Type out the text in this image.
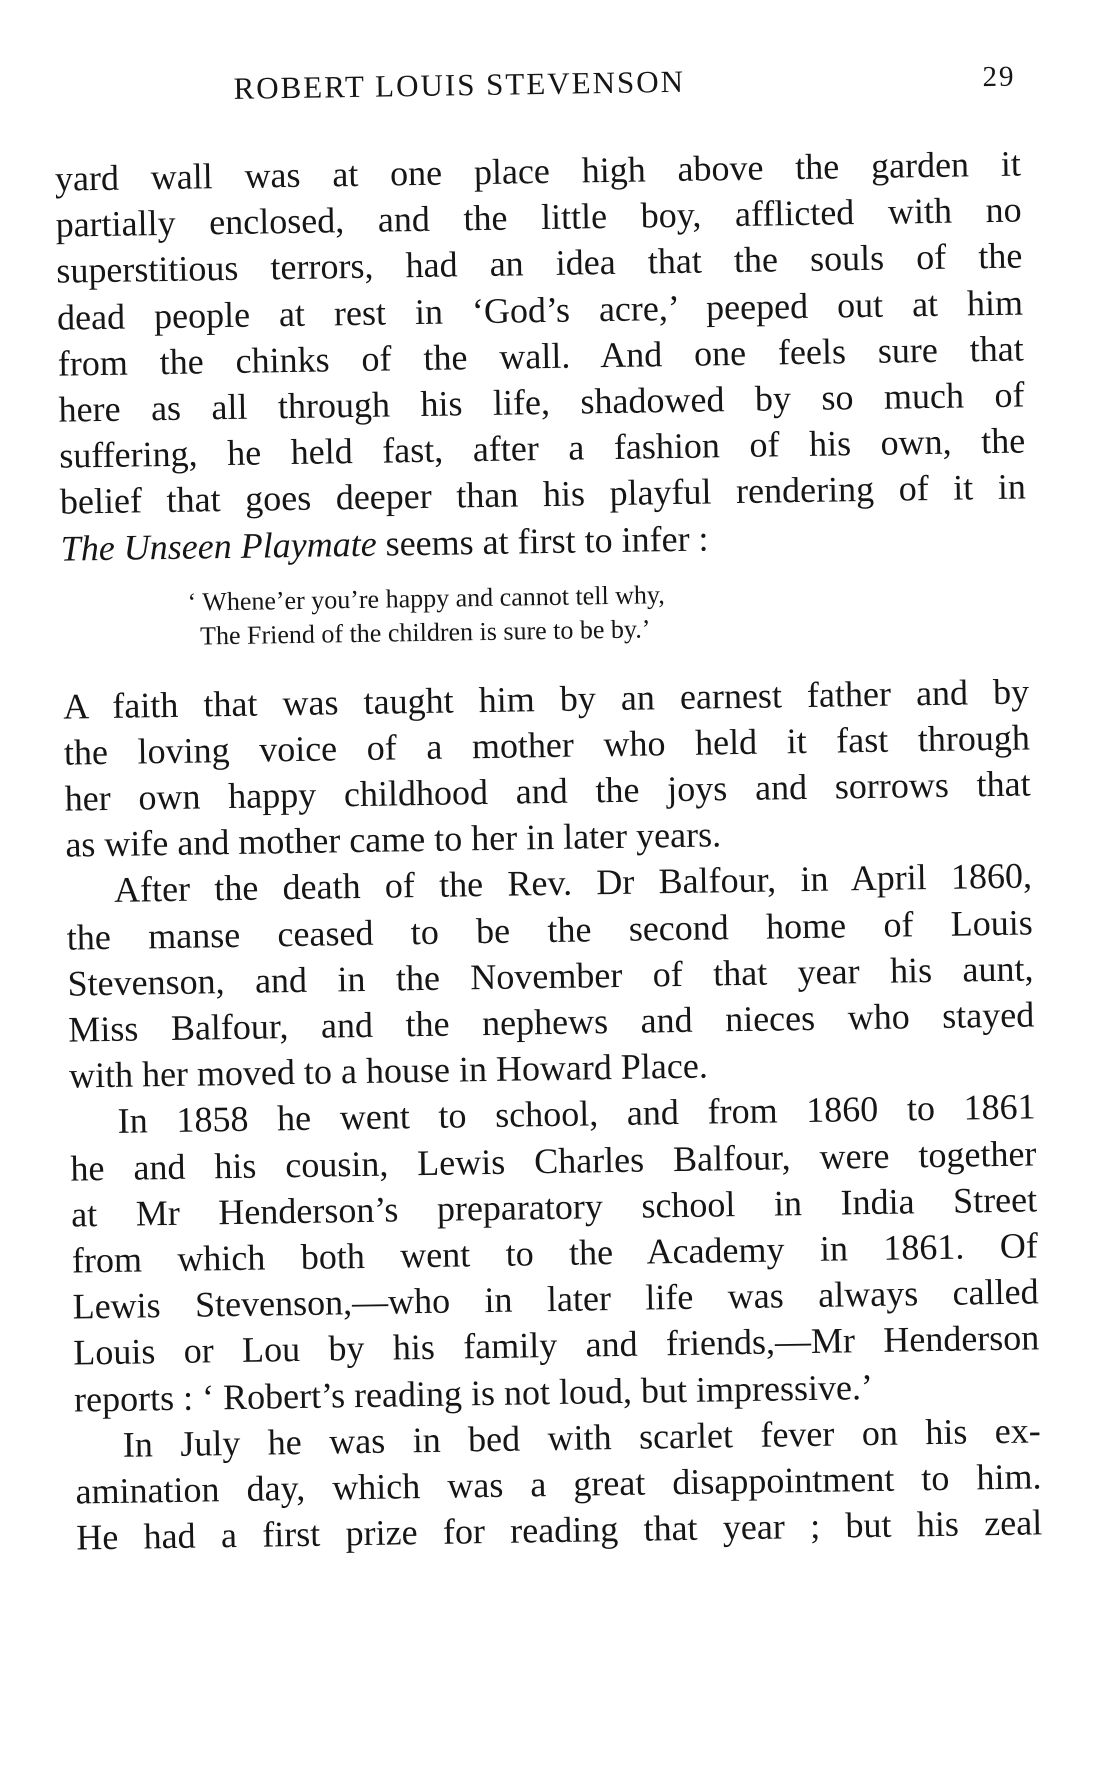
ROBERT LOUIS STEVENSON	29
yard wall was at one place high above the garden it
partially enclosed, and the little boy, afflicted with no
superstitious terrors, had an idea that the souls of the
dead people at rest in ‘God’s acre,’ peeped out at him
from the chinks of the wall. And one feels sure that
here as all through his life, shadowed by so much of
suffering, he held fast, after a fashion of his own, the
belief that goes deeper than his playful rendering of it in
The Unseen Playmate seems at first to infer :
‘ Whene’er you’re happy and cannot tell why,
The Friend of the children is sure to be by.’
A faith that was taught him by an earnest father and by
the loving voice of a mother who held it fast through
her own happy childhood and the joys and sorrows that
as wife and mother came to her in later years.
After the death of the Rev. Dr Balfour, in April 1860,
the manse ceased to be the second home of Louis
Stevenson, and in the November of that year his aunt,
Miss Balfour, and the nephews and nieces who stayed
with her moved to a house in Howard Place.
In 1858 he went to school, and from 1860 to 1861
he and his cousin, Lewis Charles Balfour, were together
at Mr Henderson’s preparatory school in India Street
from which both went to the Academy in 1861. Of
Lewis Stevenson,—who in later life was always called
Louis or Lou by his family and friends,—Mr Henderson
reports : ‘ Robert’s reading is not loud, but impressive.’
In July he was in bed with scarlet fever on his ex-
amination day, which was a great disappointment to him.
He had a first prize for reading that year ; but his zeal
